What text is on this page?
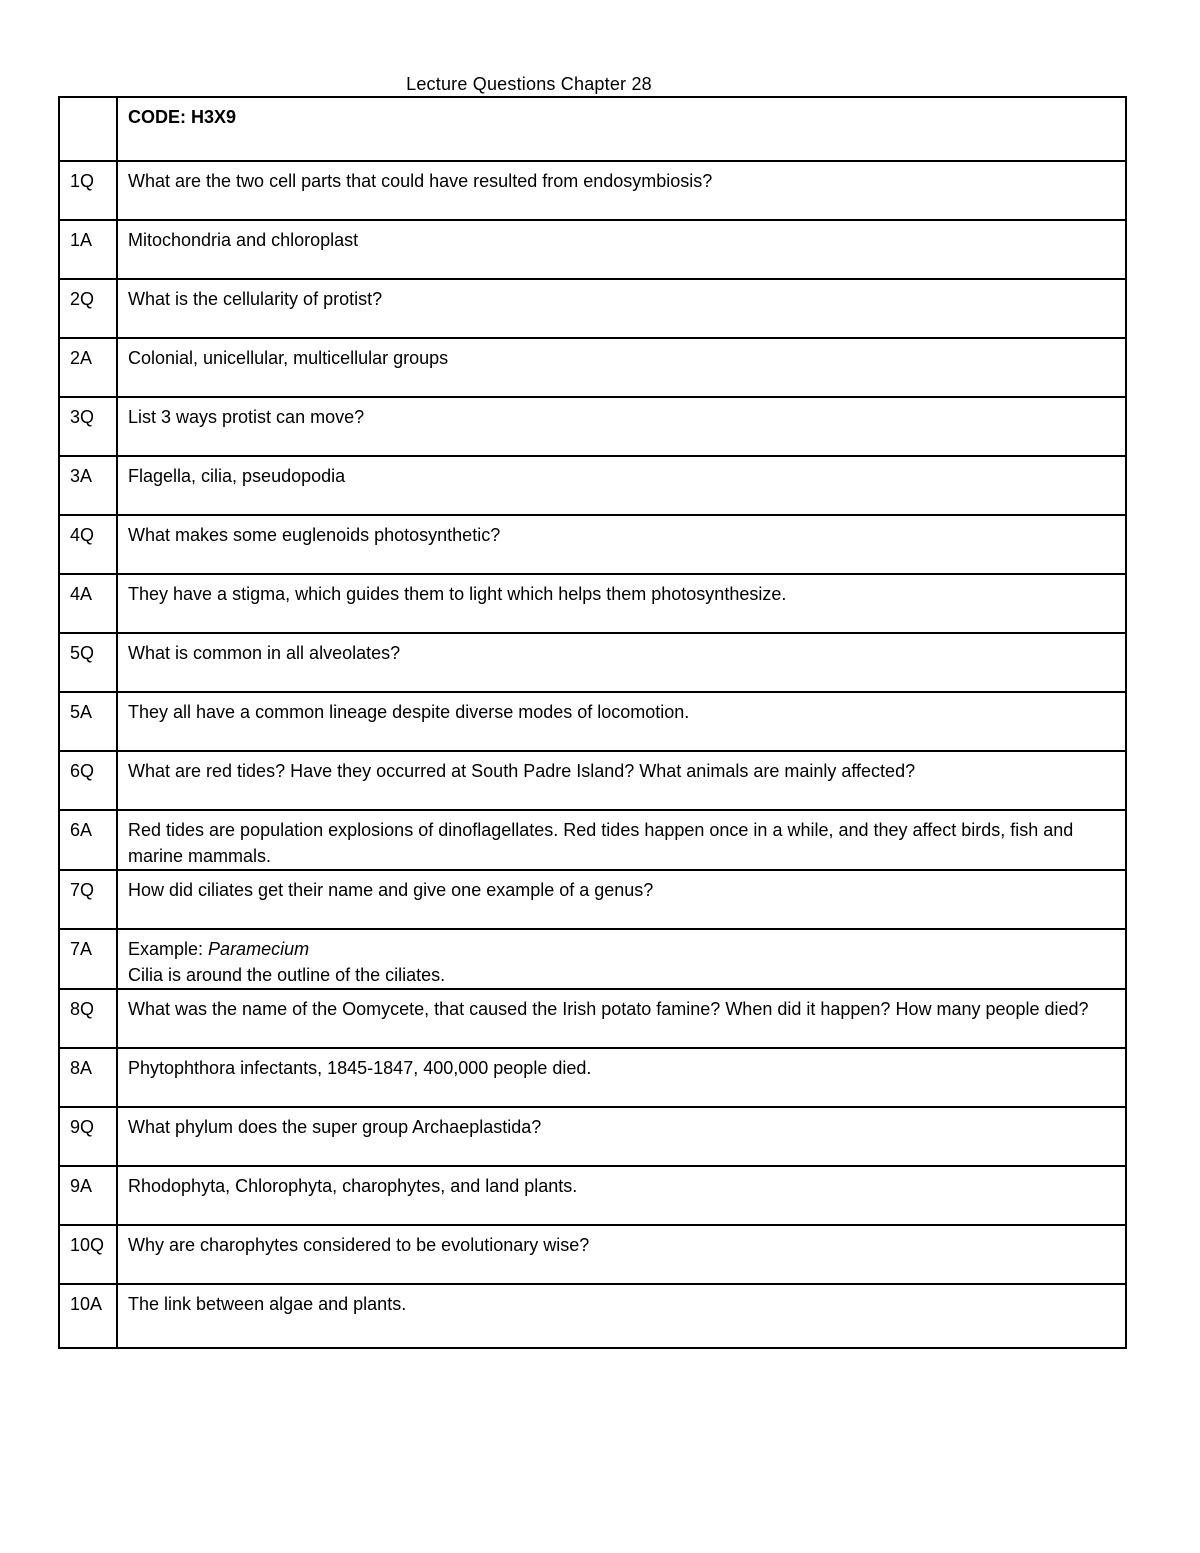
Lecture Questions Chapter 28
	CODE: H3X9
1Q	What are the two cell parts that could have resulted from endosymbiosis?
1A	Mitochondria and chloroplast
2Q	What is the cellularity of protist?
2A	Colonial, unicellular, multicellular groups
3Q	List 3 ways protist can move?
3A	Flagella, cilia, pseudopodia
4Q	What makes some euglenoids photosynthetic?
4A	They have a stigma, which guides them to light which helps them photosynthesize.
5Q	What is common in all alveolates?
5A	They all have a common lineage despite diverse modes of locomotion.
6Q	What are red tides? Have they occurred at South Padre Island? What animals are mainly affected?
6A	Red tides are population explosions of dinoflagellates. Red tides happen once in a while, and they affect birds, fish and marine mammals.
7Q	How did ciliates get their name and give one example of a genus?
7A	Example: Paramecium
Cilia is around the outline of the ciliates.
8Q	What was the name of the Oomycete, that caused the Irish potato famine? When did it happen? How many people died?
8A	Phytophthora infectants, 1845-1847, 400,000 people died.
9Q	What phylum does the super group Archaeplastida?
9A	Rhodophyta, Chlorophyta, charophytes, and land plants.
10Q	Why are charophytes considered to be evolutionary wise?
10A	The link between algae and plants.
